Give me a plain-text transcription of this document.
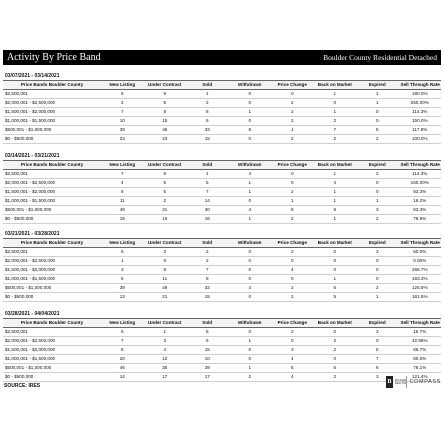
Activity By Price Band	Boulder County Residential Detached
03/07/2021 - 03/14/2021								
Price Bands Boulder County	New Listing	Under Contract	Sold	Withdrawn	Price Change	Back on Market	Expired	Sell Through Rate
$2,500,001	5	9	1	0	0	1	1	180.0%
$2,000,001 - $2,500,000	2	5	2	0	2	0	1	250.00%
$1,500,001 - $2,000,000	7	8	8	1	2	1	0	114.3%
$1,000,001 - $1,500,000	10	15	6	0	2	2	0	150.0%
$500,001 - $1,000,000	39	46	33	6	1	7	5	117.9%
$0 - $500,000	23	23	15	0	2	2	2	100.0%
03/14/2021 - 03/21/2021								
Price Bands Boulder County	New Listing	Under Contract	Sold	Withdrawn	Price Change	Back on Market	Expired	Sell Through Rate
$2,500,001	7	8	1	4	0	1	2	114.3%
$2,000,001 - $2,500,000	4	6	5	1	0	4	0	150.00%
$1,500,001 - $2,000,000	6	5	7	1	2	1	0	83.3%
$1,000,001 - $1,500,000	11	2	14	0	1	1	1	18.2%
$500,001 - $1,000,000	49	31	30	4	5	9	3	63.3%
$0 - $500,000	19	15	16	1	2	1	2	78.9%
03/21/2021 - 03/28/2021								
Price Bands Boulder County	New Listing	Under Contract	Sold	Withdrawn	Price Change	Back on Market	Expired	Sell Through Rate
$2,500,001	6	3	2	0	2	0	2	50.0%
$2,000,001 - $2,500,000	1	0	2	0	0	0	0	0.00%
$1,500,001 - $2,000,000	3	8	7	0	4	0	0	266.7%
$1,000,001 - $1,500,000	6	11	8	0	0	1	0	183.3%
$500,001 - $1,000,000	39	49	32	4	2	6	2	125.6%
$0 - $500,000	13	21	15	0	2	5	1	161.5%
03/28/2021 - 04/04/2021								
Price Bands Boulder County	New Listing	Under Contract	Sold	Withdrawn	Price Change	Back on Market	Expired	Sell Through Rate
$2,500,001	6	1	5	0	2	0	2	16.7%
$2,000,001 - $2,500,000	7	3	6	1	0	2	0	42.86%
$1,500,001 - $2,000,000	6	4	15	0	3	2	5	66.7%
$1,000,001 - $1,500,000	20	12	10	0	4	0	7	60.0%
$500,001 - $1,000,000	46	35	39	1	5	6	6	76.1%
$0 - $500,000	14	17	17	2	4	2	3	121.4%
SOURCE: IRES
B	BOULDER REALTOR COMPASS
